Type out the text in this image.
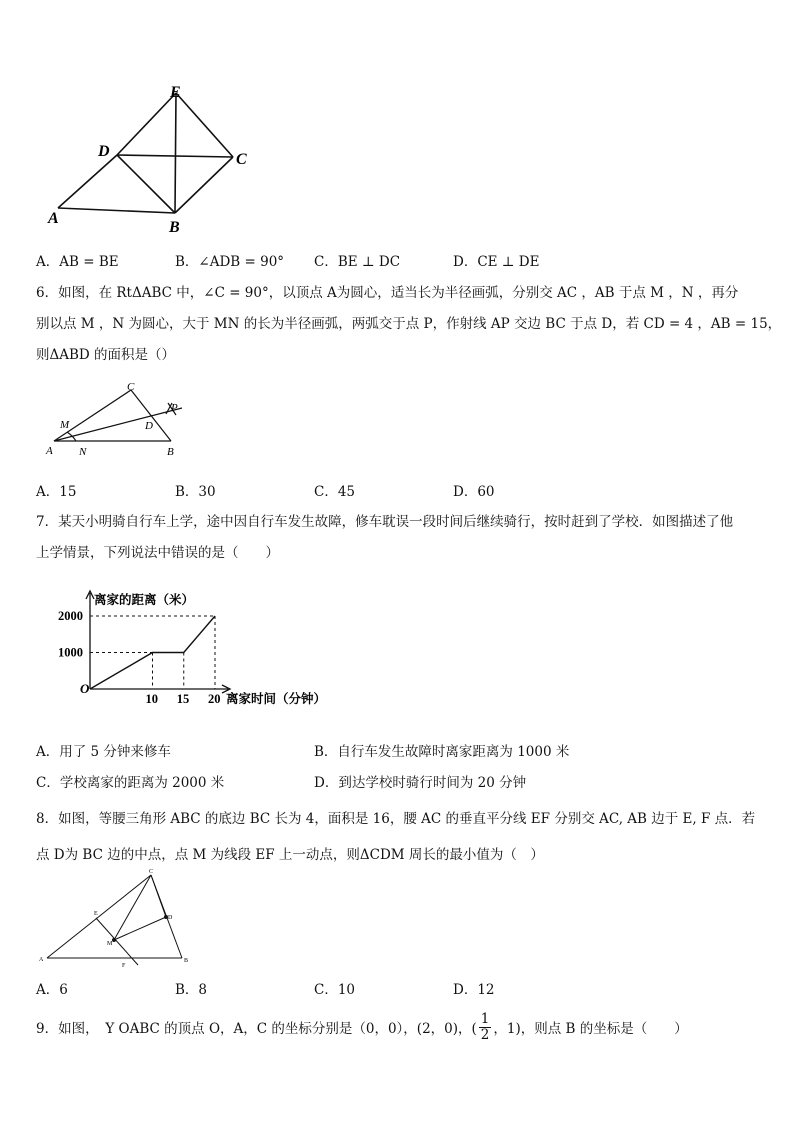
E
D	C
A
B
A．AB = BE	B．∠ADB = 90° C．BE ⊥ DC	D．CE ⊥ DE
6．如图，在 RtΔABC 中，∠C = 90°，以顶点 A为圆心，适当长为半径画弧，分别交 AC ，AB 于点 M ，N ，再分
别以点 M ，N 为圆心，大于 MN 的长为半径画弧，两弧交于点 P，作射线 AP 交边 BC 于点 D，若 CD = 4 ，AB = 15，
则ΔABD 的面积是（）
C
M
P
D
A N	B
A．15	B．30	C．45	D．60
7．某天小明骑自行车上学，途中因自行车发生故障，修车耽误一段时间后继续骑行，按时赶到了学校．如图描述了他
上学情景，下列说法中错误的是（　　）
离家的距离（米）
离家时间（分钟）
O
10 15 20
1000
2000
A．用了 5 分钟来修车	B．自行车发生故障时离家距离为 1000 米
C．学校离家的距离为 2000 米	D．到达学校时骑行时间为 20 分钟
8．如图，等腰三角形 ABC 的底边 BC 长为 4，面积是 16，腰 AC 的垂直平分线 EF 分别交 AC, AB 边于 E, F 点．若
点 D为 BC 边的中点，点 M 为线段 EF 上一动点，则ΔCDM 周长的最小值为（　）
C
E
D
M
A
F
B
A．6	B．8	C．10	D．12
9．如图，　Y OABC 的顶点 O，A，C 的坐标分别是（0，0），(2，0)，( $\frac{1}{2}$ ，1)，则点 B 的坐标是（　　）
